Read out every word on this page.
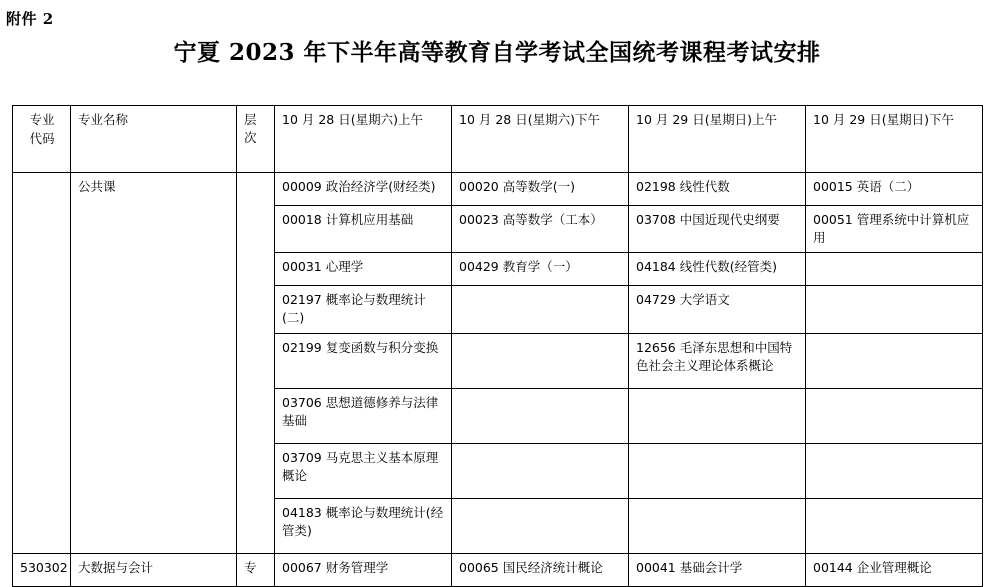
附件 2
宁夏 2023 年下半年高等教育自学考试全国统考课程考试安排
专业
代码	专业名称	层次	10 月 28 日(星期六)上午	10 月 28 日(星期六)下午	10 月 29 日(星期日)上午	10 月 29 日(星期日)下午
	公共课		00009 政治经济学(财经类)	00020 高等数学(一)	02198 线性代数	00015 英语（二）
			00018 计算机应用基础	00023 高等数学（工本）	03708 中国近现代史纲要	00051 管理系统中计算机应用
			00031 心理学	00429 教育学（一）	04184 线性代数(经管类)	
			02197 概率论与数理统计(二)		04729 大学语文	
			02199 复变函数与积分变换		12656 毛泽东思想和中国特色社会主义理论体系概论	
			03706 思想道德修养与法律基础			
			03709 马克思主义基本原理概论			
			04183 概率论与数理统计(经管类)			
530302	大数据与会计	专	00067 财务管理学	00065 国民经济统计概论	00041 基础会计学	00144 企业管理概论
